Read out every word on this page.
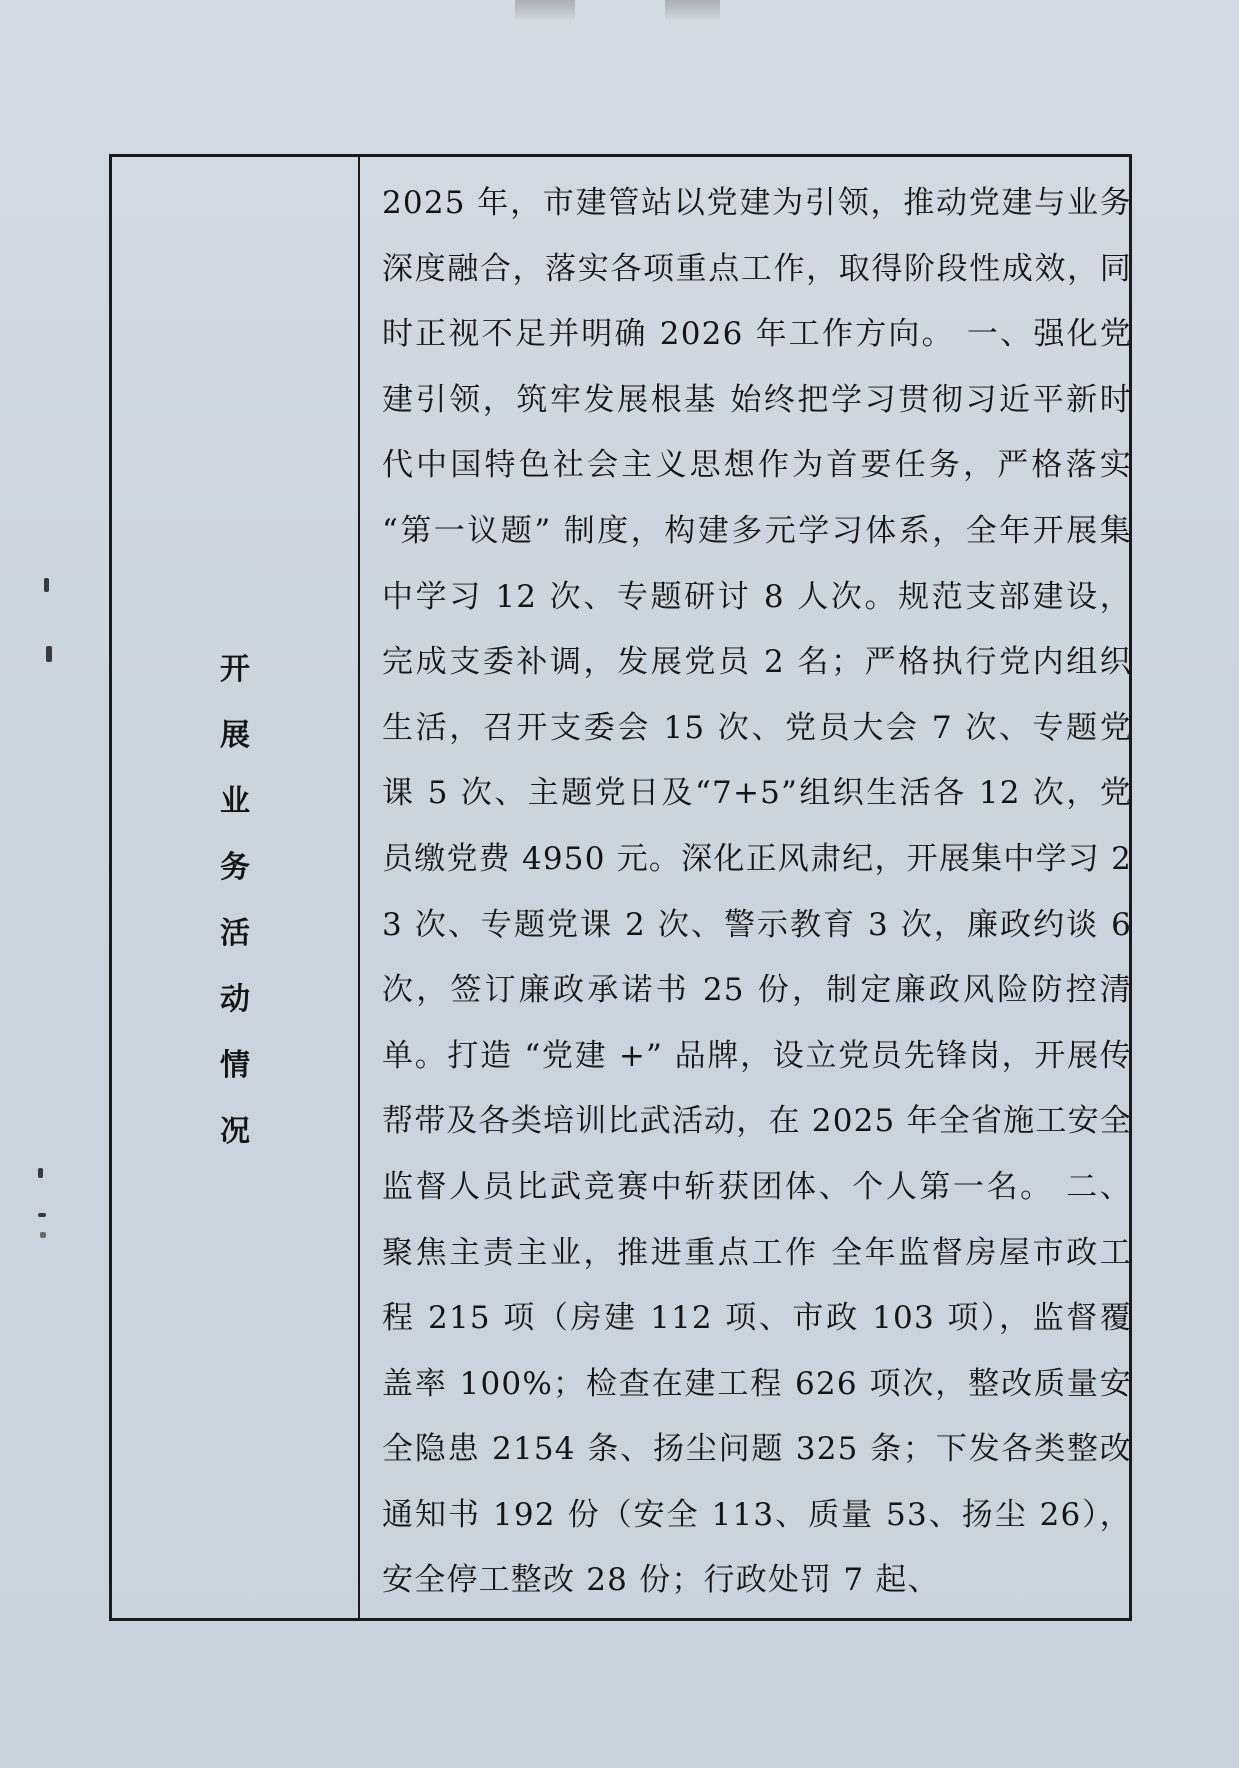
开
展
业
务
活
动
情
况

2025 年，市建管站以党建为引领，推动党建与业务深度融合，落实各项重点工作，取得阶段性成效，同时正视不足并明确 2026 年工作方向。 一、强化党建引领，筑牢发展根基 始终把学习贯彻习近平新时代中国特色社会主义思想作为首要任务，严格落实 “第一议题” 制度，构建多元学习体系，全年开展集中学习 12 次、专题研讨 8 人次。规范支部建设，完成支委补调，发展党员 2 名；严格执行党内组织生活，召开支委会 15 次、党员大会 7 次、专题党课 5 次、主题党日及“7+5”组织生活各 12 次，党员缴党费 4950 元。深化正风肃纪，开展集中学习 23 次、专题党课 2 次、警示教育 3 次，廉政约谈 6 次，签订廉政承诺书 25 份，制定廉政风险防控清单。打造 “党建 +” 品牌，设立党员先锋岗，开展传帮带及各类培训比武活动，在 2025 年全省施工安全监督人员比武竞赛中斩获团体、个人第一名。 二、聚焦主责主业，推进重点工作 全年监督房屋市政工程 215 项（房建 112 项、市政 103 项），监督覆盖率 100%；检查在建工程 626 项次，整改质量安全隐患 2154 条、扬尘问题 325 条；下发各类整改通知书 192 份（安全 113、质量 53、扬尘 26），安全停工整改 28 份；行政处罚 7 起、
